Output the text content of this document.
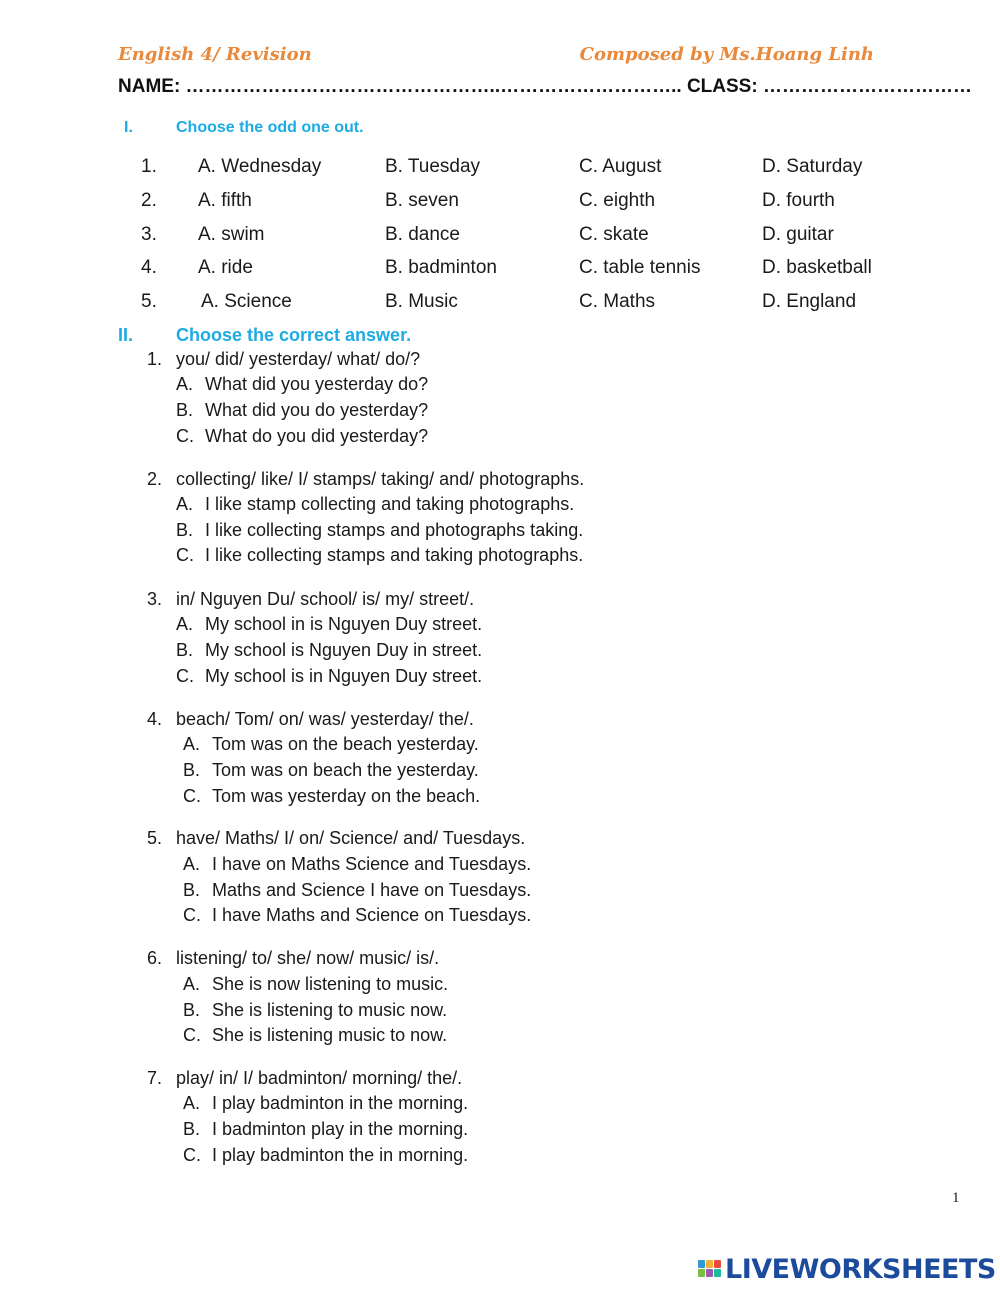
English 4/ Revision	Composed by Ms.Hoang Linh
NAME: …………………………………………..……………………….. CLASS: ……………………………
I.	Choose the odd one out.
1. A. Wednesday	B. Tuesday	C. August	D. Saturday
2. A. fifth	B. seven	C. eighth	D. fourth
3. A. swim	B. dance	C. skate	D. guitar
4. A. ride	B. badminton	C. table tennis	D. basketball
5. A. Science	B. Music	C. Maths	D. England
II. Choose the correct answer.
1. you/ did/ yesterday/ what/ do/?
A. What did you yesterday do?
B. What did you do yesterday?
C. What do you did yesterday?
2. collecting/ like/ I/ stamps/ taking/ and/ photographs.
A. I like stamp collecting and taking photographs.
B. I like collecting stamps and photographs taking.
C. I like collecting stamps and taking photographs.
3. in/ Nguyen Du/ school/ is/ my/ street/.
A. My school in is Nguyen Duy street.
B. My school is Nguyen Duy in street.
C. My school is in Nguyen Duy street.
4. beach/ Tom/ on/ was/ yesterday/ the/.
A. Tom was on the beach yesterday.
B. Tom was on beach the yesterday.
C. Tom was yesterday on the beach.
5. have/ Maths/ I/ on/ Science/ and/ Tuesdays.
A. I have on Maths Science and Tuesdays.
B. Maths and Science I have on Tuesdays.
C. I have Maths and Science on Tuesdays.
6. listening/ to/ she/ now/ music/ is/.
A. She is now listening to music.
B. She is listening to music now.
C. She is listening music to now.
7. play/ in/ I/ badminton/ morning/ the/.
A. I play badminton in the morning.
B. I badminton play in the morning.
C. I play badminton the in morning.
1
LIVEWORKSHEETS
